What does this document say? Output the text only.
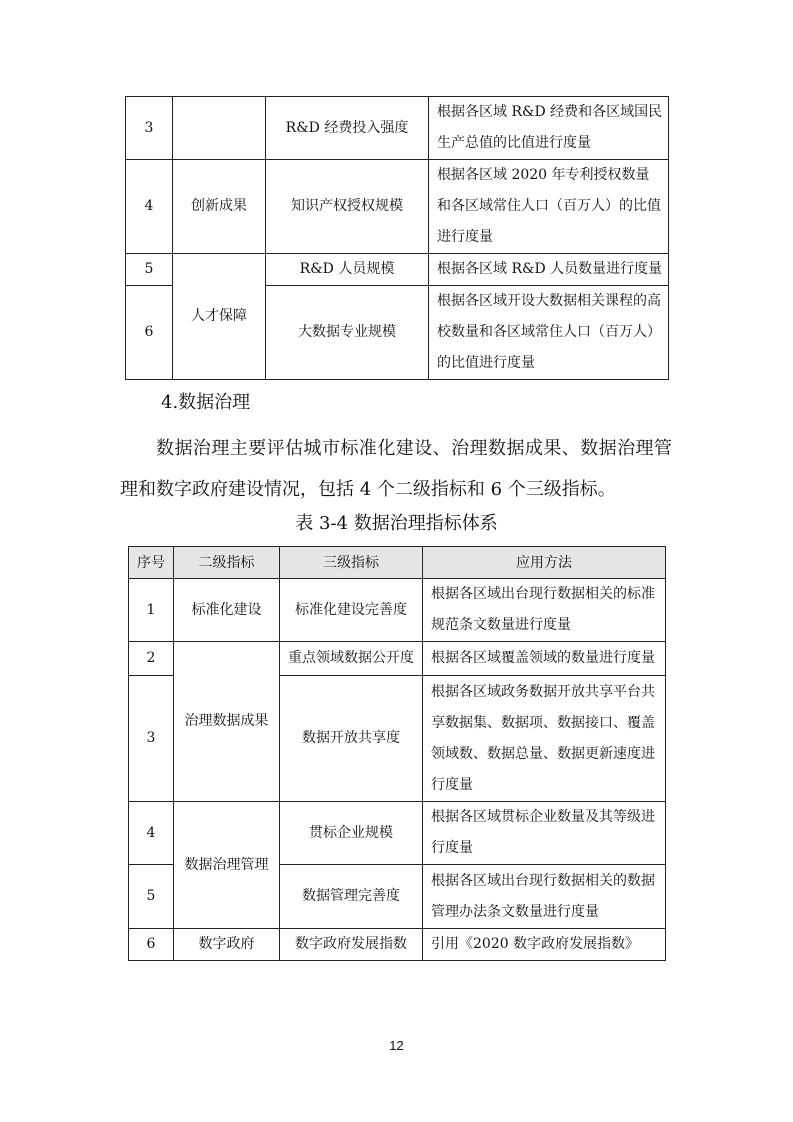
3		R&D 经费投入强度	根据各区域 R&D 经费和各区域国民生产总值的比值进行度量
4	创新成果	知识产权授权规模	根据各区域 2020 年专利授权数量和各区域常住人口（百万人）的比值进行度量
5	人才保障	R&D 人员规模	根据各区域 R&D 人员数量进行度量
6		大数据专业规模	根据各区域开设大数据相关课程的高校数量和各区域常住人口（百万人）的比值进行度量
4.数据治理

数据治理主要评估城市标准化建设、治理数据成果、数据治理管理和数字政府建设情况，包括 4 个二级指标和 6 个三级指标。

表 3-4 数据治理指标体系
序号	二级指标	三级指标	应用方法
1	标准化建设	标准化建设完善度	根据各区域出台现行数据相关的标准规范条文数量进行度量
2	治理数据成果	重点领域数据公开度	根据各区域覆盖领域的数量进行度量
3		数据开放共享度	根据各区域政务数据开放共享平台共享数据集、数据项、数据接口、覆盖领域数、数据总量、数据更新速度进行度量
4	数据治理管理	贯标企业规模	根据各区域贯标企业数量及其等级进行度量
5		数据管理完善度	根据各区域出台现行数据相关的数据管理办法条文数量进行度量
6	数字政府	数字政府发展指数	引用《2020 数字政府发展指数》
12
